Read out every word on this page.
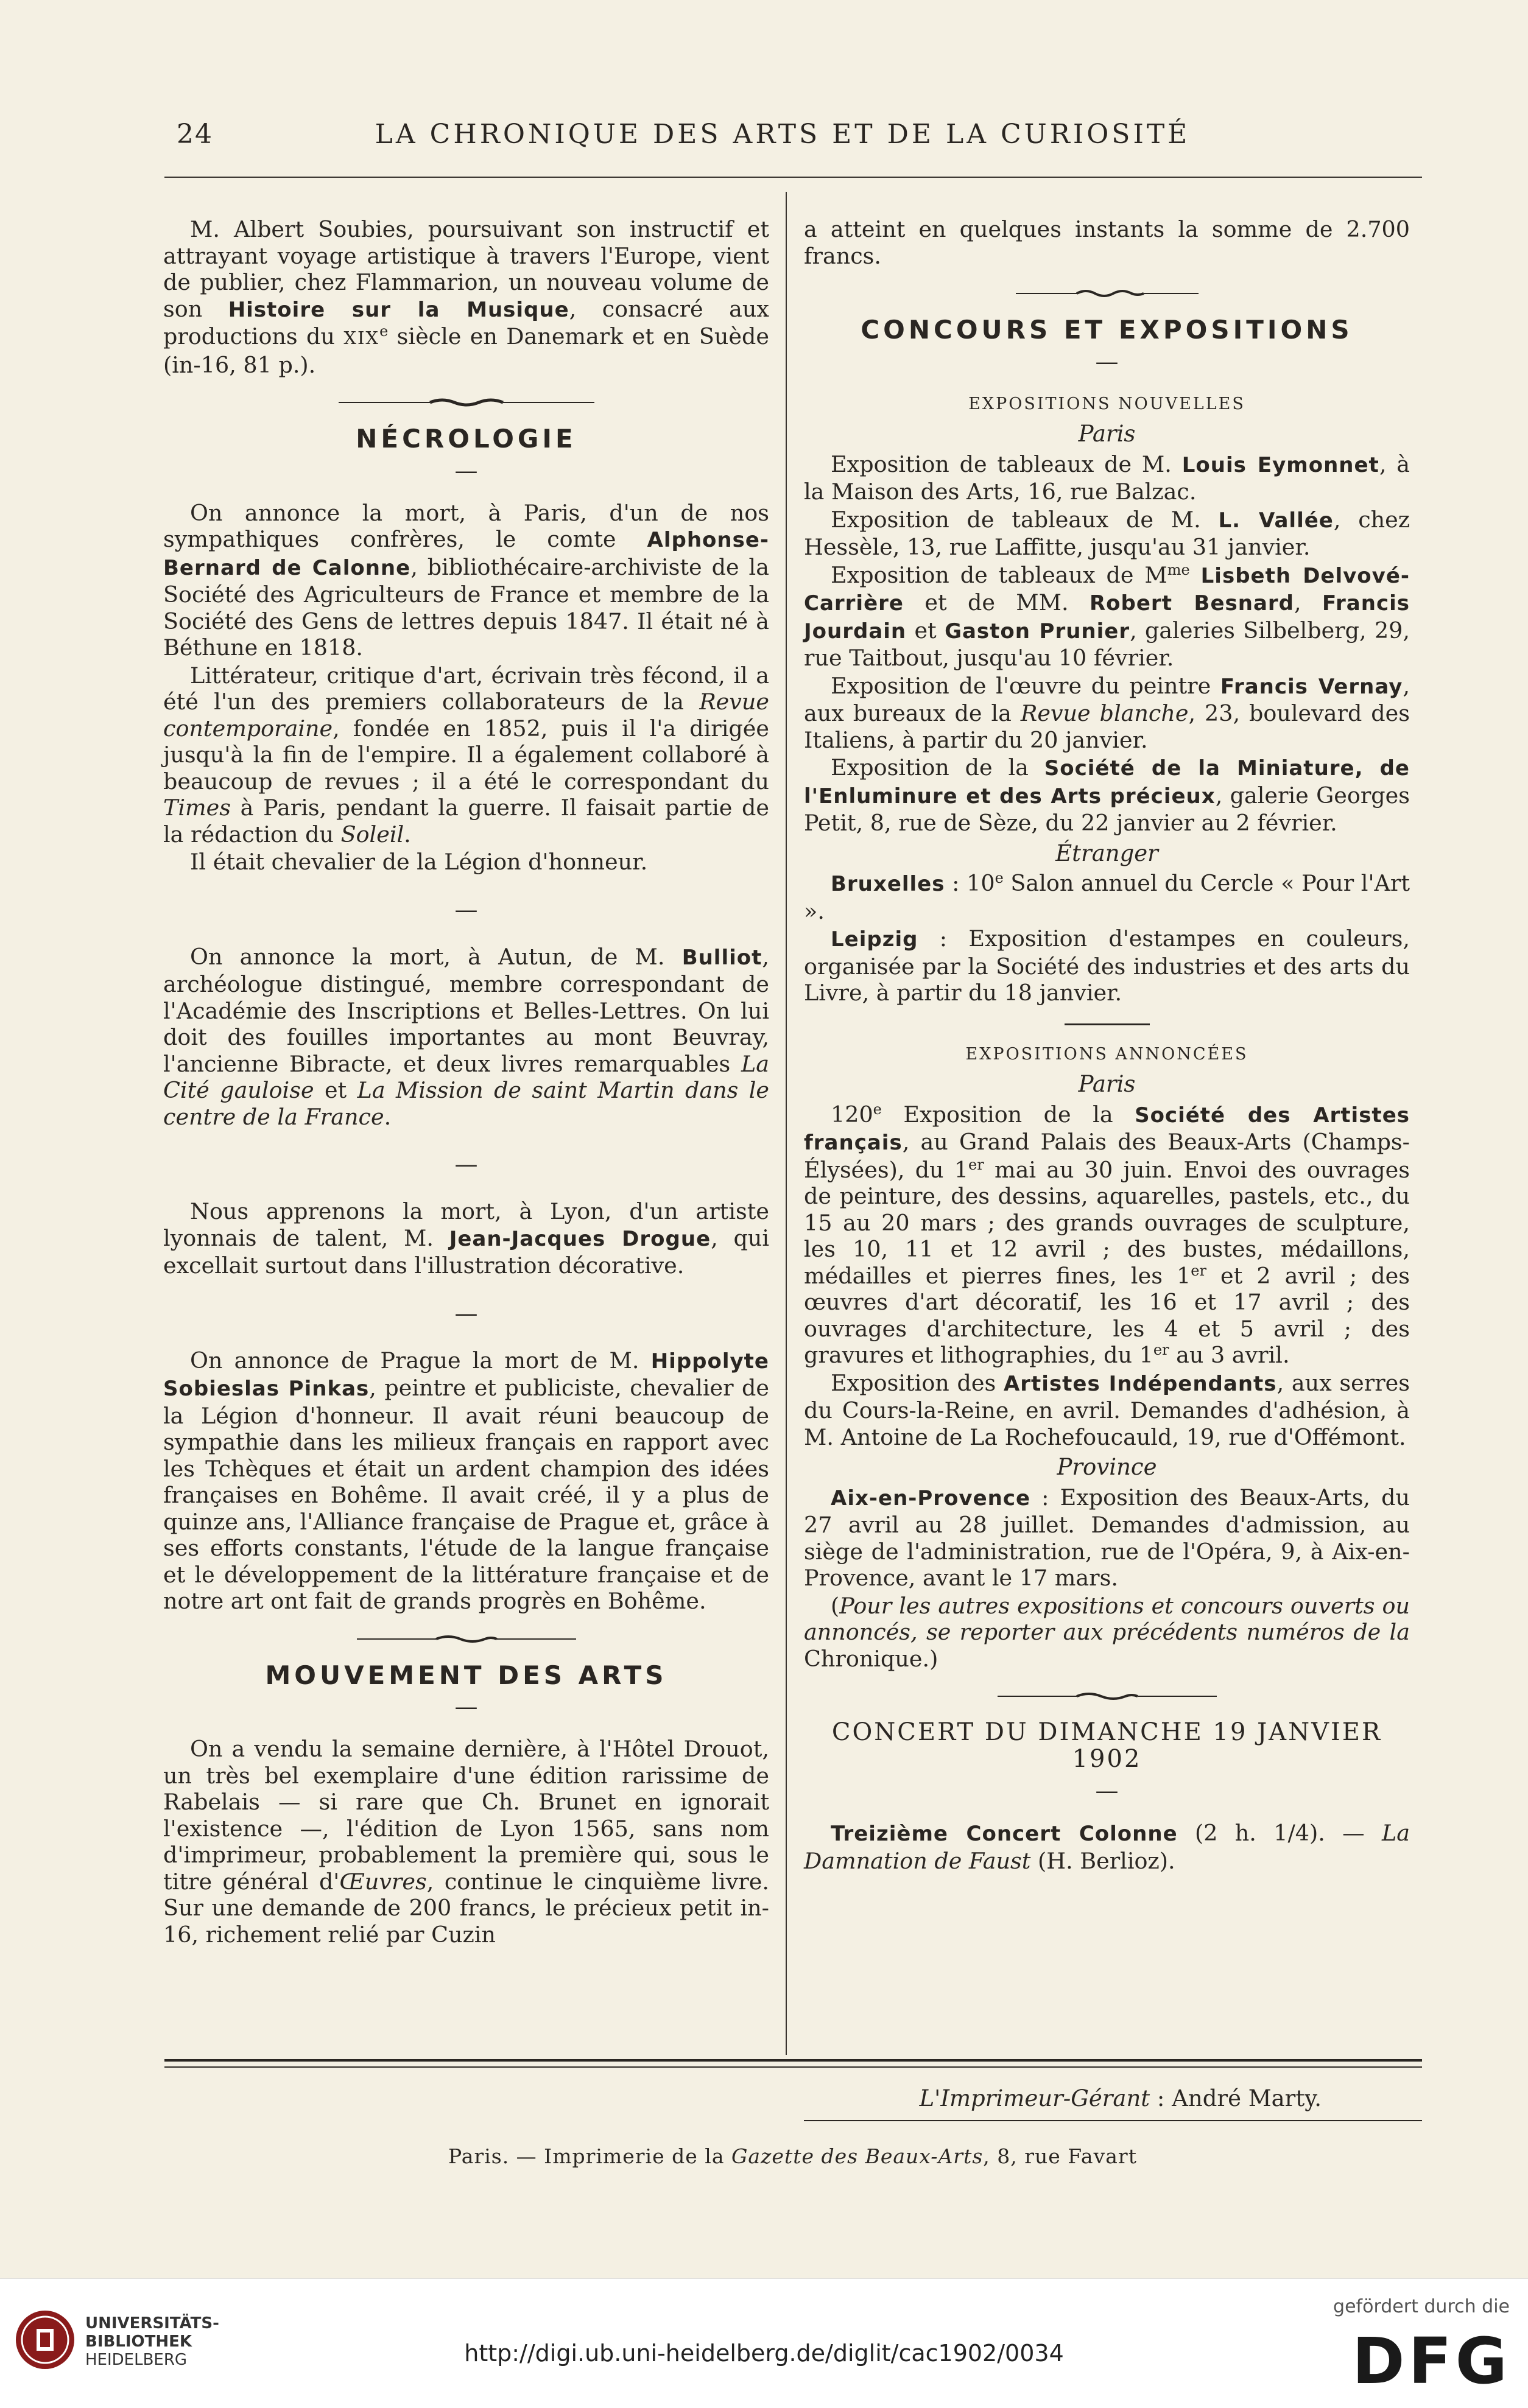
24	LA CHRONIQUE DES ARTS ET DE LA CURIOSITÉ

M. Albert Soubies, poursuivant son instructif et attrayant voyage artistique à travers l'Europe, vient de publier, chez Flammarion, un nouveau volume de son Histoire sur la Musique, consacré aux productions du XIXe siècle en Danemark et en Suède (in-16, 81 p.).

NÉCROLOGIE
—

On annonce la mort, à Paris, d'un de nos sympathiques confrères, le comte Alphonse-Bernard de Calonne, bibliothécaire-archiviste de la Société des Agriculteurs de France et membre de la Société des Gens de lettres depuis 1847. Il était né à Béthune en 1818.

Littérateur, critique d'art, écrivain très fécond, il a été l'un des premiers collaborateurs de la Revue contemporaine, fondée en 1852, puis il l'a dirigée jusqu'à la fin de l'empire. Il a également collaboré à beaucoup de revues ; il a été le correspondant du Times à Paris, pendant la guerre. Il faisait partie de la rédaction du Soleil.

Il était chevalier de la Légion d'honneur.

—

On annonce la mort, à Autun, de M. Bulliot, archéologue distingué, membre correspondant de l'Académie des Inscriptions et Belles-Lettres. On lui doit des fouilles importantes au mont Beuvray, l'ancienne Bibracte, et deux livres remarquables La Cité gauloise et La Mission de saint Martin dans le centre de la France.

—

Nous apprenons la mort, à Lyon, d'un artiste lyonnais de talent, M. Jean-Jacques Drogue, qui excellait surtout dans l'illustration décorative.

—

On annonce de Prague la mort de M. Hippolyte Sobieslas Pinkas, peintre et publiciste, chevalier de la Légion d'honneur. Il avait réuni beaucoup de sympathie dans les milieux français en rapport avec les Tchèques et était un ardent champion des idées françaises en Bohême. Il avait créé, il y a plus de quinze ans, l'Alliance française de Prague et, grâce à ses efforts constants, l'étude de la langue française et le développement de la littérature française et de notre art ont fait de grands progrès en Bohême.

MOUVEMENT DES ARTS
—

On a vendu la semaine dernière, à l'Hôtel Drouot, un très bel exemplaire d'une édition rarissime de Rabelais — si rare que Ch. Brunet en ignorait l'existence —, l'édition de Lyon 1565, sans nom d'imprimeur, probablement la première qui, sous le titre général d'Œuvres, continue le cinquième livre. Sur une demande de 200 francs, le précieux petit in-16, richement relié par Cuzin

a atteint en quelques instants la somme de 2.700 francs.

CONCOURS ET EXPOSITIONS
—
EXPOSITIONS NOUVELLES
Paris

Exposition de tableaux de M. Louis Eymonnet, à la Maison des Arts, 16, rue Balzac.

Exposition de tableaux de M. L. Vallée, chez Hessèle, 13, rue Laffitte, jusqu'au 31 janvier.

Exposition de tableaux de $M^{me}$ Lisbeth Delvové-Carrière et de MM. Robert Besnard, Francis Jourdain et Gaston Prunier, galeries Silbelberg, 29, rue Taitbout, jusqu'au 10 février.

Exposition de l'œuvre du peintre Francis Vernay, aux bureaux de la Revue blanche, 23, boulevard des Italiens, à partir du 20 janvier.

Exposition de la Société de la Miniature, de l'Enluminure et des Arts précieux, galerie Georges Petit, 8, rue de Sèze, du 22 janvier au 2 février.

Étranger

Bruxelles : 10e Salon annuel du Cercle « Pour l'Art ».

Leipzig : Exposition d'estampes en couleurs, organisée par la Société des industries et des arts du Livre, à partir du 18 janvier.

EXPOSITIONS ANNONCÉES
Paris

120e Exposition de la Société des Artistes français, au Grand Palais des Beaux-Arts (Champs-Élysées), du 1er mai au 30 juin. Envoi des ouvrages de peinture, des dessins, aquarelles, pastels, etc., du 15 au 20 mars ; des grands ouvrages de sculpture, les 10, 11 et 12 avril ; des bustes, médaillons, médailles et pierres fines, les 1er et 2 avril ; des œuvres d'art décoratif, les 16 et 17 avril ; des ouvrages d'architecture, les 4 et 5 avril ; des gravures et lithographies, du 1er au 3 avril.

Exposition des Artistes Indépendants, aux serres du Cours-la-Reine, en avril. Demandes d'adhésion, à M. Antoine de La Rochefoucauld, 19, rue d'Offémont.

Province

Aix-en-Provence : Exposition des Beaux-Arts, du 27 avril au 28 juillet. Demandes d'admission, au siège de l'administration, rue de l'Opéra, 9, à Aix-en-Provence, avant le 17 mars.

(Pour les autres expositions et concours ouverts ou annoncés, se reporter aux précédents numéros de la Chronique.)

CONCERT DU DIMANCHE 19 JANVIER 1902
—

Treizième Concert Colonne (2 h. 1/4). — La Damnation de Faust (H. Berlioz).

L'Imprimeur-Gérant : André Marty.
Paris. — Imprimerie de la Gazette des Beaux-Arts, 8, rue Favart
UNIVERSITÄTS-
BIBLIOTHEK
HEIDELBERG	http://digi.ub.uni-heidelberg.de/diglit/cac1902/0034
gefördert durch die
DFG
